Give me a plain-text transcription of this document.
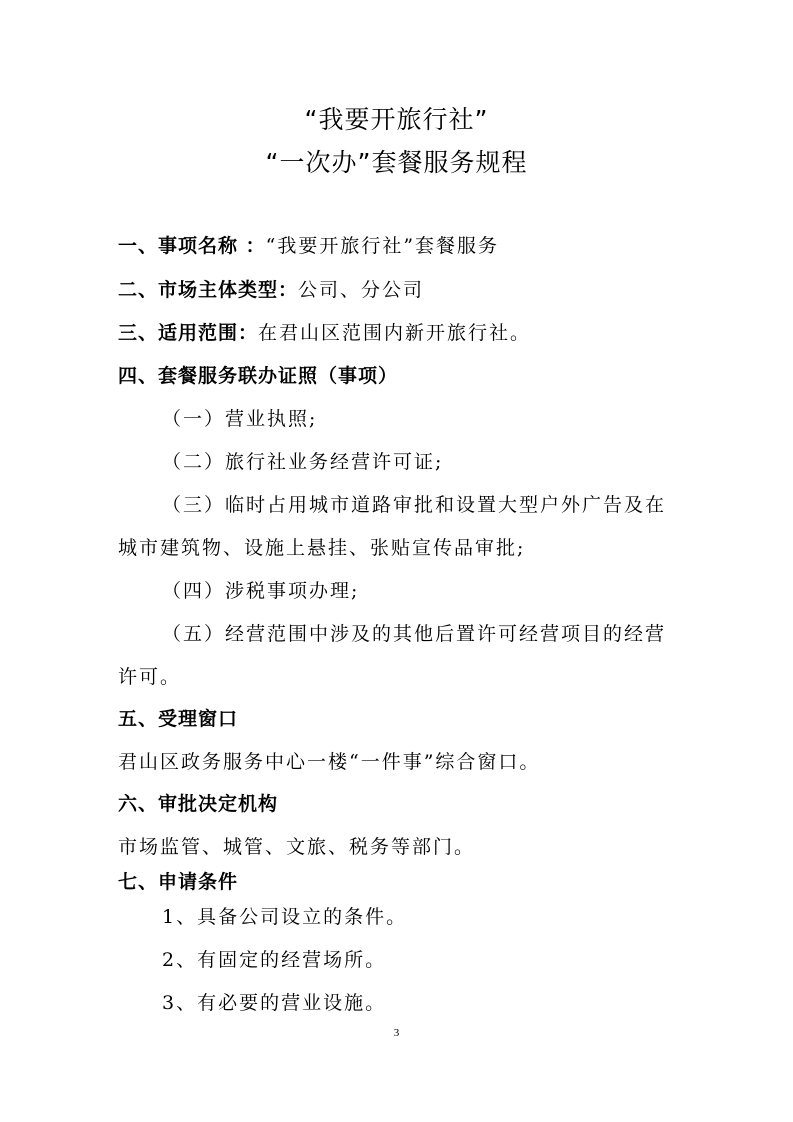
“我要开旅行社”
“一次办”套餐服务规程
一、事项名称 ：“我要开旅行社”套餐服务
二、市场主体类型：公司、分公司
三、适用范围：在君山区范围内新开旅行社。
四、套餐服务联办证照（事项）
（一）营业执照;
（二）旅行社业务经营许可证;
（三）临时占用城市道路审批和设置大型户外广告及在
城市建筑物、设施上悬挂、张贴宣传品审批;
（四）涉税事项办理;
（五）经营范围中涉及的其他后置许可经营项目的经营
许可。
五、受理窗口
君山区政务服务中心一楼“一件事”综合窗口。
六、审批决定机构
市场监管、城管、文旅、税务等部门。
七、申请条件
1、具备公司设立的条件。
2、有固定的经营场所。
3、有必要的营业设施。
3
